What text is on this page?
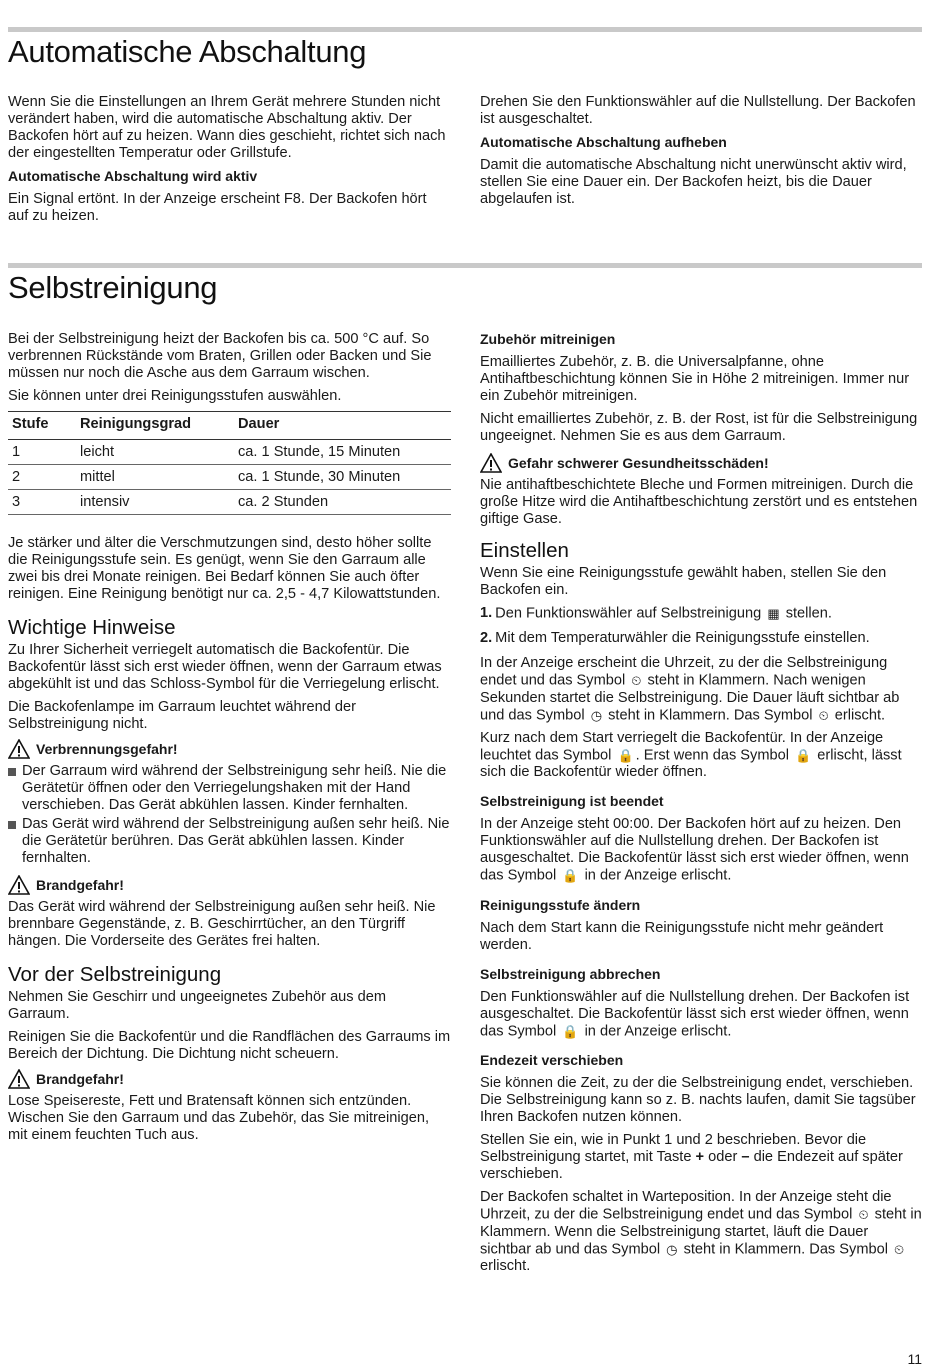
Automatische Abschaltung

Wenn Sie die Einstellungen an Ihrem Gerät mehrere Stunden nicht verändert haben, wird die automatische Abschaltung aktiv. Der Backofen hört auf zu heizen. Wann dies geschieht, richtet sich nach der eingestellten Temperatur oder Grillstufe.

Automatische Abschaltung wird aktiv

Ein Signal ertönt. In der Anzeige erscheint F8. Der Backofen hört auf zu heizen.

Drehen Sie den Funktionswähler auf die Nullstellung. Der Backofen ist ausgeschaltet.

Automatische Abschaltung aufheben

Damit die automatische Abschaltung nicht unerwünscht aktiv wird, stellen Sie eine Dauer ein. Der Backofen heizt, bis die Dauer abgelaufen ist.

Selbstreinigung

Bei der Selbstreinigung heizt der Backofen bis ca. 500 °C auf. So verbrennen Rückstände vom Braten, Grillen oder Backen und Sie müssen nur noch die Asche aus dem Garraum wischen.

Sie können unter drei Reinigungsstufen auswählen.

Stufe	Reinigungsgrad	Dauer
1	leicht	ca. 1 Stunde, 15 Minuten
2	mittel	ca. 1 Stunde, 30 Minuten
3	intensiv	ca. 2 Stunden

Je stärker und älter die Verschmutzungen sind, desto höher sollte die Reinigungsstufe sein. Es genügt, wenn Sie den Garraum alle zwei bis drei Monate reinigen. Bei Bedarf können Sie auch öfter reinigen. Eine Reinigung benötigt nur ca. 2,5 - 4,7 Kilowattstunden.

Wichtige Hinweise

Zu Ihrer Sicherheit verriegelt automatisch die Backofentür. Die Backofentür lässt sich erst wieder öffnen, wenn der Garraum etwas abgekühlt ist und das Schloss-Symbol für die Verriegelung erlischt.

Die Backofenlampe im Garraum leuchtet während der Selbstreinigung nicht.

Verbrennungsgefahr!
Der Garraum wird während der Selbstreinigung sehr heiß. Nie die Gerätetür öffnen oder den Verriegelungshaken mit der Hand verschieben. Das Gerät abkühlen lassen. Kinder fernhalten.
Das Gerät wird während der Selbstreinigung außen sehr heiß. Nie die Gerätetür berühren. Das Gerät abkühlen lassen. Kinder fernhalten.
Brandgefahr!

Das Gerät wird während der Selbstreinigung außen sehr heiß. Nie brennbare Gegenstände, z. B. Geschirrtücher, an den Türgriff hängen. Die Vorderseite des Gerätes frei halten.

Vor der Selbstreinigung

Nehmen Sie Geschirr und ungeeignetes Zubehör aus dem Garraum.

Reinigen Sie die Backofentür und die Randflächen des Garraums im Bereich der Dichtung. Die Dichtung nicht scheuern.

Brandgefahr!

Lose Speisereste, Fett und Bratensaft können sich entzünden. Wischen Sie den Garraum und das Zubehör, das Sie mitreinigen, mit einem feuchten Tuch aus.

Zubehör mitreinigen

Emailliertes Zubehör, z. B. die Universalpfanne, ohne Antihaftbeschichtung können Sie in Höhe 2 mitreinigen. Immer nur ein Zubehör mitreinigen.

Nicht emailliertes Zubehör, z. B. der Rost, ist für die Selbstreinigung ungeeignet. Nehmen Sie es aus dem Garraum.

Gefahr schwerer Gesundheitsschäden!

Nie antihaftbeschichtete Bleche und Formen mitreinigen. Durch die große Hitze wird die Antihaftbeschichtung zerstört und es entstehen giftige Gase.

Einstellen

Wenn Sie eine Reinigungsstufe gewählt haben, stellen Sie den Backofen ein.

1. Den Funktionswähler auf Selbstreinigung ▦ stellen.
2. Mit dem Temperaturwähler die Reinigungsstufe einstellen.

In der Anzeige erscheint die Uhrzeit, zu der die Selbstreinigung endet und das Symbol ⏲ steht in Klammern. Nach wenigen Sekunden startet die Selbstreinigung. Die Dauer läuft sichtbar ab und das Symbol ◷ steht in Klammern. Das Symbol ⏲ erlischt.

Kurz nach dem Start verriegelt die Backofentür. In der Anzeige leuchtet das Symbol 🔒 . Erst wenn das Symbol 🔒 erlischt, lässt sich die Backofentür wieder öffnen.

Selbstreinigung ist beendet

In der Anzeige steht 00:00. Der Backofen hört auf zu heizen. Den Funktionswähler auf die Nullstellung drehen. Der Backofen ist ausgeschaltet. Die Backofentür lässt sich erst wieder öffnen, wenn das Symbol 🔒 in der Anzeige erlischt.

Reinigungsstufe ändern

Nach dem Start kann die Reinigungsstufe nicht mehr geändert werden.

Selbstreinigung abbrechen

Den Funktionswähler auf die Nullstellung drehen. Der Backofen ist ausgeschaltet. Die Backofentür lässt sich erst wieder öffnen, wenn das Symbol 🔒 in der Anzeige erlischt.

Endezeit verschieben

Sie können die Zeit, zu der die Selbstreinigung endet, verschieben. Die Selbstreinigung kann so z. B. nachts laufen, damit Sie tagsüber Ihren Backofen nutzen können.

Stellen Sie ein, wie in Punkt 1 und 2 beschrieben. Bevor die Selbstreinigung startet, mit Taste + oder – die Endezeit auf später verschieben.

Der Backofen schaltet in Warteposition. In der Anzeige steht die Uhrzeit, zu der die Selbstreinigung endet und das Symbol ⏲ steht in Klammern. Wenn die Selbstreinigung startet, läuft die Dauer sichtbar ab und das Symbol ◷ steht in Klammern. Das Symbol ⏲ erlischt.

11
